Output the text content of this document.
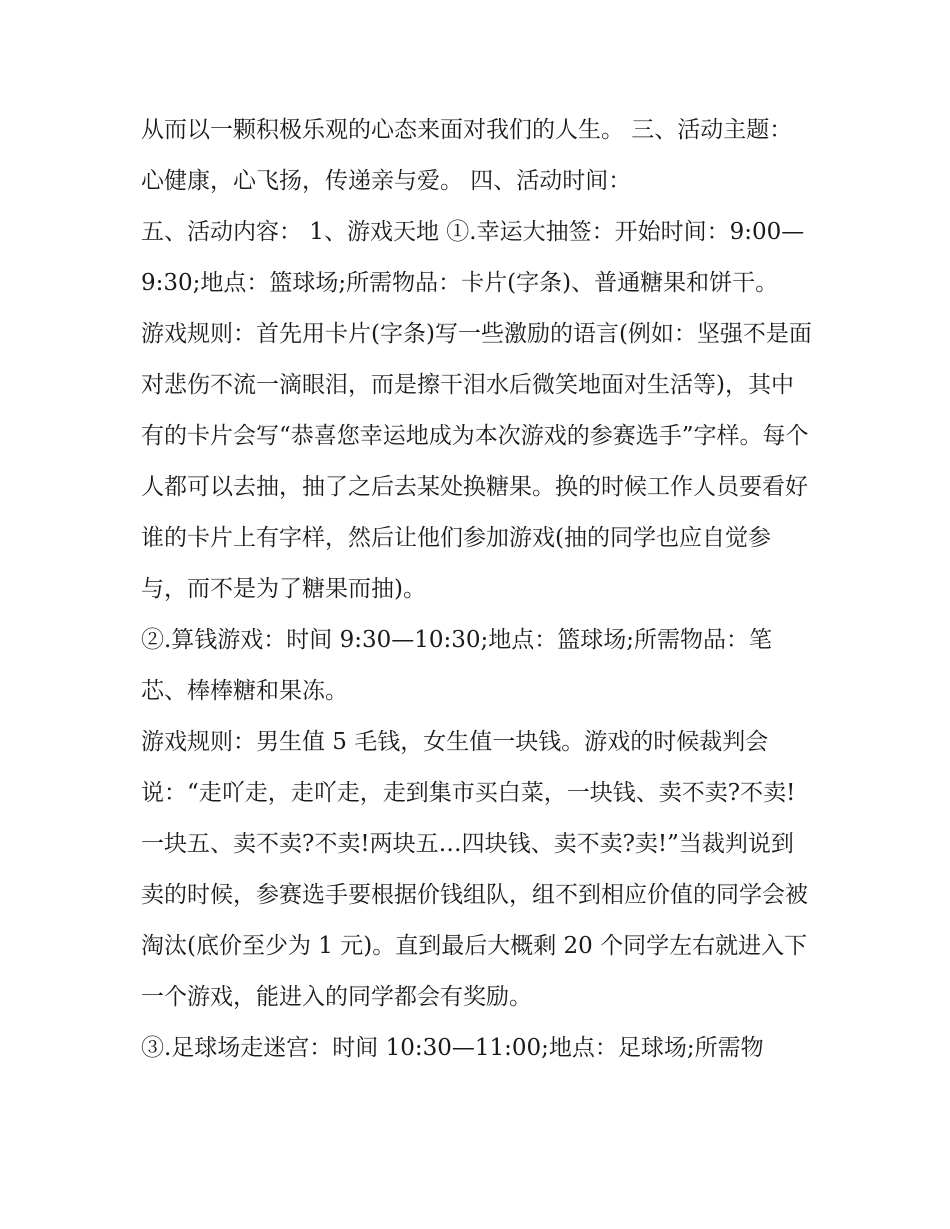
从而以一颗积极乐观的心态来面对我们的人生。 三、活动主题：心健康，心飞扬，传递亲与爱。 四、活动时间：

五、活动内容： 1、游戏天地 ①.幸运大抽签：开始时间：9:00—9:30;地点：篮球场;所需物品：卡片(字条)、普通糖果和饼干。

游戏规则：首先用卡片(字条)写一些激励的语言(例如：坚强不是面对悲伤不流一滴眼泪，而是擦干泪水后微笑地面对生活等)，其中有的卡片会写“恭喜您幸运地成为本次游戏的参赛选手”字样。每个人都可以去抽，抽了之后去某处换糖果。换的时候工作人员要看好谁的卡片上有字样，然后让他们参加游戏(抽的同学也应自觉参与，而不是为了糖果而抽)。

②.算钱游戏：时间 9:30—10:30;地点：篮球场;所需物品：笔芯、棒棒糖和果冻。

游戏规则：男生值 5 毛钱，女生值一块钱。游戏的时候裁判会说：“走吖走，走吖走，走到集市买白菜，一块钱、卖不卖?不卖!一块五、卖不卖?不卖!两块五…四块钱、卖不卖?卖!”当裁判说到卖的时候，参赛选手要根据价钱组队，组不到相应价值的同学会被淘汰(底价至少为 1 元)。直到最后大概剩 20 个同学左右就进入下一个游戏，能进入的同学都会有奖励。

③.足球场走迷宫：时间 10:30—11:00;地点：足球场;所需物
